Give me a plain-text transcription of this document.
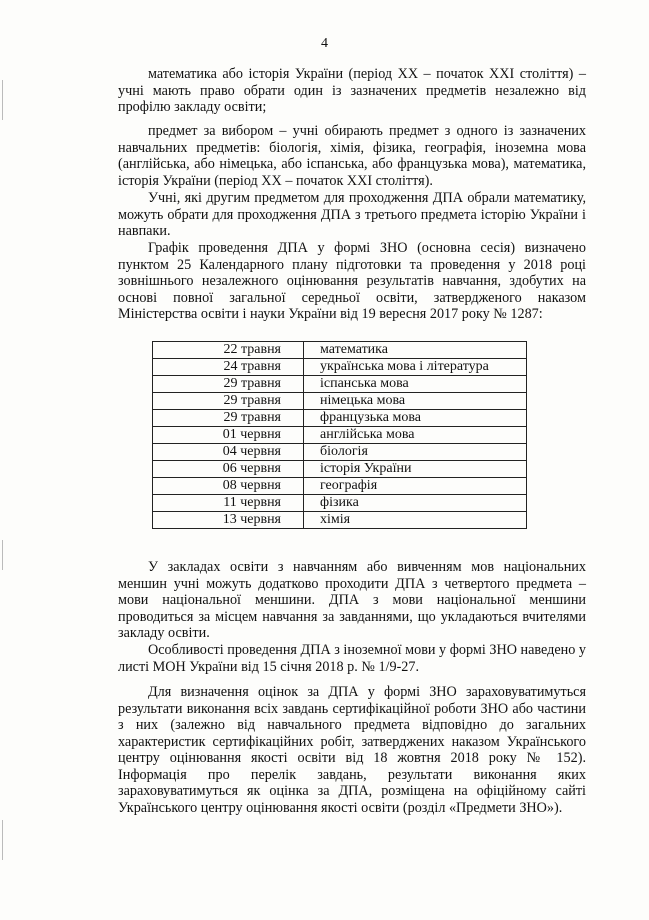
4

математика або історія України (період ХХ – початок ХХІ століття) – учні мають право обрати один із зазначених предметів незалежно від профілю закладу освіти;

предмет за вибором – учні обирають предмет з одного із зазначених навчальних предметів: біологія, хімія, фізика, географія, іноземна мова (англійська, або німецька, або іспанська, або французька мова), математика, історія України (період ХХ – початок ХХІ століття).

Учні, які другим предметом для проходження ДПА обрали математику, можуть обрати для проходження ДПА з третього предмета історію України і навпаки.

Графік проведення ДПА у формі ЗНО (основна сесія) визначено пунктом 25 Календарного плану підготовки та проведення у 2018 році зовнішнього незалежного оцінювання результатів навчання, здобутих на основі повної загальної середньої освіти, затвердженого наказом Міністерства освіти і науки України від 19 вересня 2017 року № 1287:

22 травня	математика
24 травня	українська мова і література
29 травня	іспанська мова
29 травня	німецька мова
29 травня	французька мова
01 червня	англійська мова
04 червня	біологія
06 червня	історія України
08 червня	географія
11 червня	фізика
13 червня	хімія

У закладах освіти з навчанням або вивченням мов національних меншин учні можуть додатково проходити ДПА з четвертого предмета – мови національної меншини. ДПА з мови національної меншини проводиться за місцем навчання за завданнями, що укладаються вчителями закладу освіти.

Особливості проведення ДПА з іноземної мови у формі ЗНО наведено у листі МОН України від 15 січня 2018 р. № 1/9-27.

Для визначення оцінок за ДПА у формі ЗНО зараховуватимуться результати виконання всіх завдань сертифікаційної роботи ЗНО або частини з них (залежно від навчального предмета відповідно до загальних характеристик сертифікаційних робіт, затверджених наказом Українського центру оцінювання якості освіти від 18 жовтня 2018 року № 152). Інформація про перелік завдань, результати виконання яких зараховуватимуться як оцінка за ДПА, розміщена на офіційному сайті Українського центру оцінювання якості освіти (розділ «Предмети ЗНО»).
